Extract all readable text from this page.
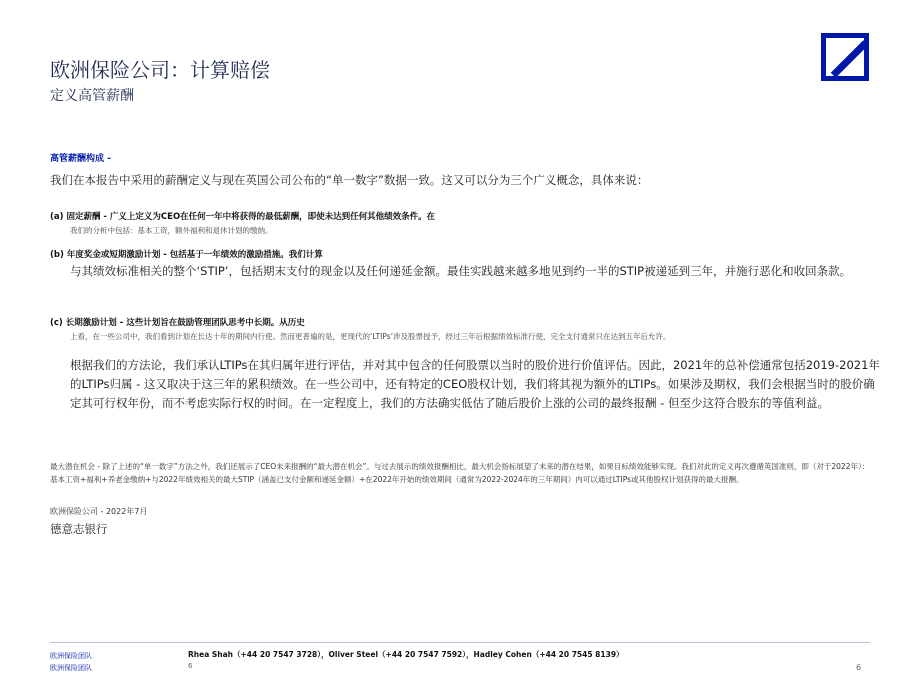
欧洲保险公司：计算赔偿
定义高管薪酬
高管薪酬构成 -
我们在本报告中采用的薪酬定义与现在英国公司公布的“单一数字”数据一致。这又可以分为三个广义概念，具体来说：
(a) 固定薪酬 - 广义上定义为CEO在任何一年中将获得的最低薪酬，即使未达到任何其他绩效条件。在
我们的分析中包括：基本工资，额外福利和退休计划的缴纳。
(b) 年度奖金或短期激励计划 - 包括基于一年绩效的激励措施。我们计算
与其绩效标准相关的整个‘STIP’，包括期末支付的现金以及任何递延金额。最佳实践越来越多地见到约一半的STIP被递延到三年，并施行恶化和收回条款。
(c) 长期激励计划 - 这些计划旨在鼓励管理团队思考中长期。从历史
上看，在一些公司中，我们看到计划在长达十年的期间内行使。然而更普遍的是，更现代的‘LTIPs’涉及股票授予，经过三年后根据绩效标准行使，完全支付通常只在达到五年后允许。
根据我们的方法论，我们承认LTIPs在其归属年进行评估，并对其中包含的任何股票以当时的股价进行价值评估。因此，2021年的总补偿通常包括2019-2021年的LTIPs归属 - 这又取决于这三年的累积绩效。在一些公司中，还有特定的CEO股权计划，我们将其视为额外的LTIPs。如果涉及期权，我们会根据当时的股价确定其可行权年份，而不考虑实际行权的时间。在一定程度上，我们的方法确实低估了随后股价上涨的公司的最终报酬 - 但至少这符合股东的等值利益。
最大潜在机会 - 除了上述的“单一数字”方法之外，我们还展示了CEO未来报酬的“最大潜在机会”。与过去展示的绩效报酬相比，最大机会指标展望了未来的潜在结果，如果目标绩效能够实现。我们对此的定义再次遵循英国准则，即（对于2022年）：基本工资+福利+养老金缴纳+与2022年绩效相关的最大STIP（涵盖已支付金额和递延金额）+在2022年开始的绩效期间（通常为2022-2024年的三年期间）内可以通过LTIPs或其他股权计划获得的最大报酬。
欧洲保险公司 - 2022年7月
德意志银行
欧洲保险团队
欧洲保险团队
Rhea Shah（+44 20 7547 3728），Oliver Steel（+44 20 7547 7592），Hadley Cohen（+44 20 7545 8139）
6	6
